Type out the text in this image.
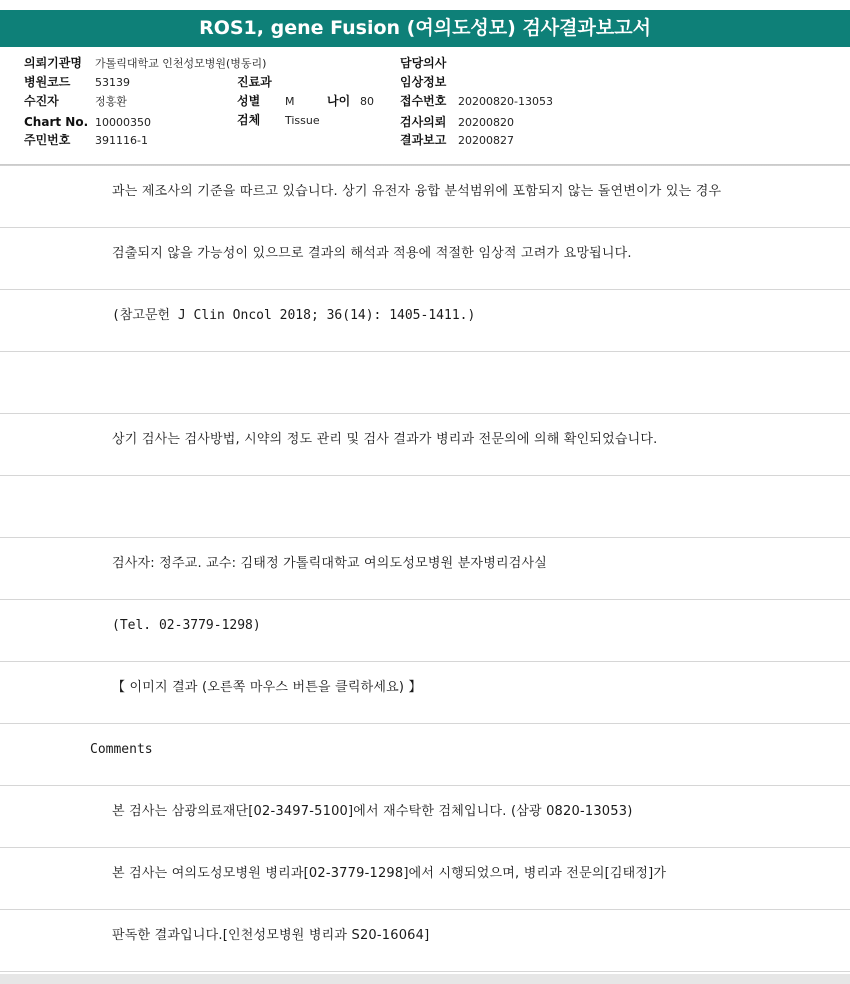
ROS1, gene Fusion (여의도성모) 검사결과보고서
의뢰기관명 가톨릭대학교 인천성모병원(병동리)
병원코드 53139
수진자	정홍환
Chart No. 10000350
주민번호 391116-1
진료과
성별 M	나이 80
검체 Tissue
담당의사
임상정보
접수번호 20200820-13053
검사의뢰 20200820
결과보고 20200827
과는 제조사의 기준을 따르고 있습니다. 상기 유전자 융합 분석범위에 포함되지 않는 돌연변이가 있는 경우
검출되지 않을 가능성이 있으므로 결과의 해석과 적용에 적절한 임상적 고려가 요망됩니다.
(참고문헌 J Clin Oncol 2018; 36(14): 1405-1411.)
상기 검사는 검사방법, 시약의 정도 관리 및 검사 결과가 병리과 전문의에 의해 확인되었습니다.
검사자: 정주교. 교수: 김태정 가톨릭대학교 여의도성모병원 분자병리검사실
(Tel. 02-3779-1298)
【 이미지 결과 (오른쪽 마우스 버튼을 클릭하세요) 】
Comments
본 검사는 삼광의료재단[02-3497-5100]에서 재수탁한 검체입니다. (삼광 0820-13053)
본 검사는 여의도성모병원 병리과[02-3779-1298]에서 시행되었으며, 병리과 전문의[김태정]가
판독한 결과입니다.[인천성모병원 병리과 S20-16064]
